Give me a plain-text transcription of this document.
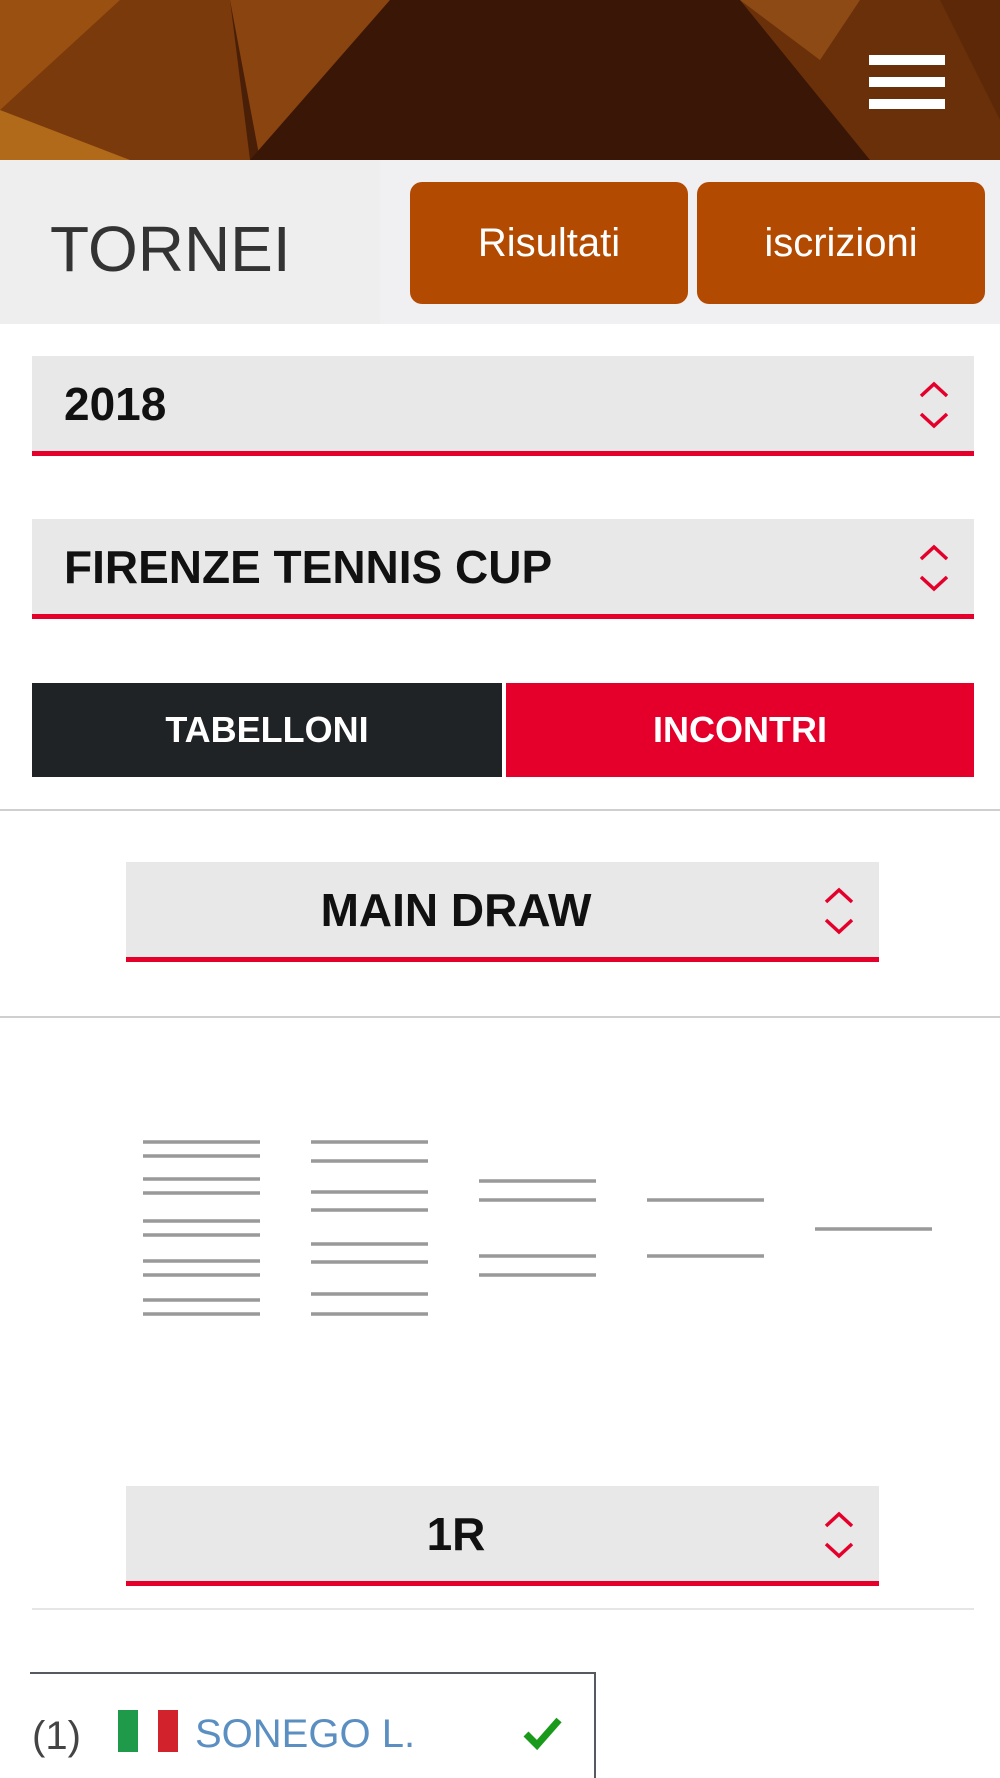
TORNEI	Risultati	iscrizioni
2018
FIRENZE TENNIS CUP
TABELLONI	INCONTRI
MAIN DRAW
1R
(1)	SONEGO L.
